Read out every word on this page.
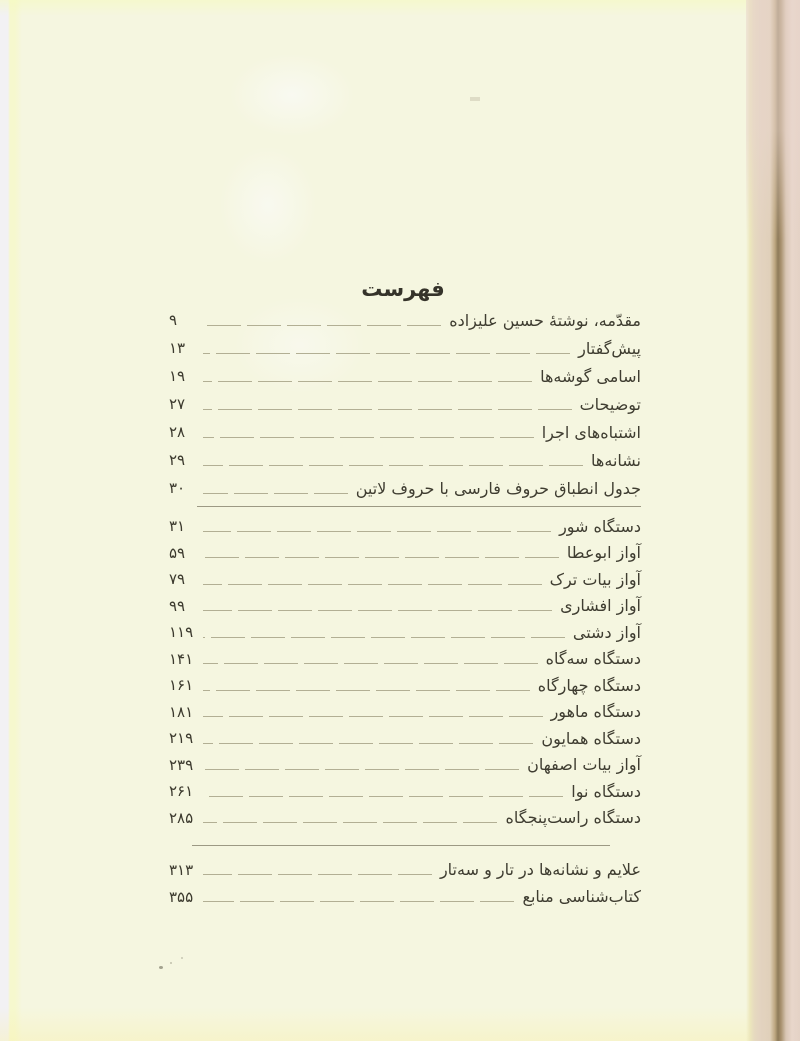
فهرست
مقدّمه، نوشتهٔ حسین علیزاده
۹
پیش‌گفتار
۱۳
اسامی گوشه‌ها
۱۹
توضیحات
۲۷
اشتباه‌های اجرا
۲۸
نشانه‌ها
۲۹
جدول انطباق حروف فارسی با حروف لاتین
۳۰
دستگاه شور
۳۱
آواز ابوعطا
۵۹
آواز بیات ترک
۷۹
آواز افشاری
۹۹
آواز دشتی
۱۱۹
دستگاه سه‌گاه
۱۴۱
دستگاه چهارگاه
۱۶۱
دستگاه ماهور
۱۸۱
دستگاه همایون
۲۱۹
آواز بیات اصفهان
۲۳۹
دستگاه نوا
۲۶۱
دستگاه راست‌پنجگاه
۲۸۵
علایم و نشانه‌ها در تار و سه‌تار
۳۱۳
کتاب‌شناسی منابع
۳۵۵
